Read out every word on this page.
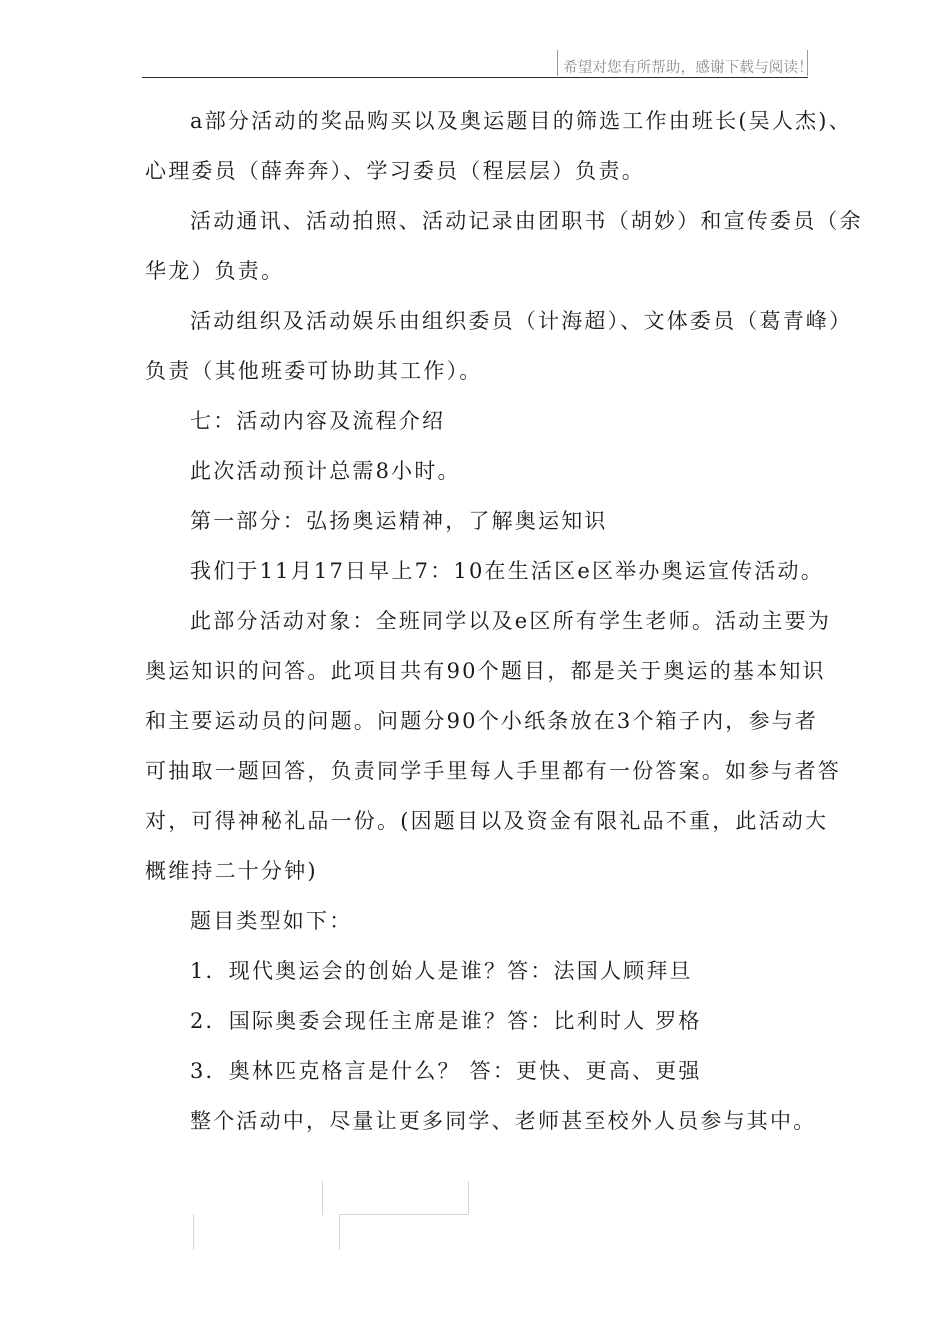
希望对您有所帮助，感谢下载与阅读！
a部分活动的奖品购买以及奥运题目的筛选工作由班长(吴人杰)、
心理委员（薛奔奔）、学习委员（程层层）负责。
活动通讯、活动拍照、活动记录由团职书（胡妙）和宣传委员（余
华龙）负责。
活动组织及活动娱乐由组织委员（计海超）、文体委员（葛青峰）
负责（其他班委可协助其工作）。
七：活动内容及流程介绍
此次活动预计总需8小时。
第一部分：弘扬奥运精神，了解奥运知识
我们于11月17日早上7：10在生活区e区举办奥运宣传活动。
此部分活动对象：全班同学以及e区所有学生老师。活动主要为
奥运知识的问答。此项目共有90个题目，都是关于奥运的基本知识
和主要运动员的问题。问题分90个小纸条放在3个箱子内，参与者
可抽取一题回答，负责同学手里每人手里都有一份答案。如参与者答
对，可得神秘礼品一份。(因题目以及资金有限礼品不重，此活动大
概维持二十分钟)
题目类型如下：
1．现代奥运会的创始人是谁？答：法国人顾拜旦
2．国际奥委会现任主席是谁？答：比利时人 罗格
3．奥林匹克格言是什么？ 答：更快、更高、更强
整个活动中，尽量让更多同学、老师甚至校外人员参与其中。
